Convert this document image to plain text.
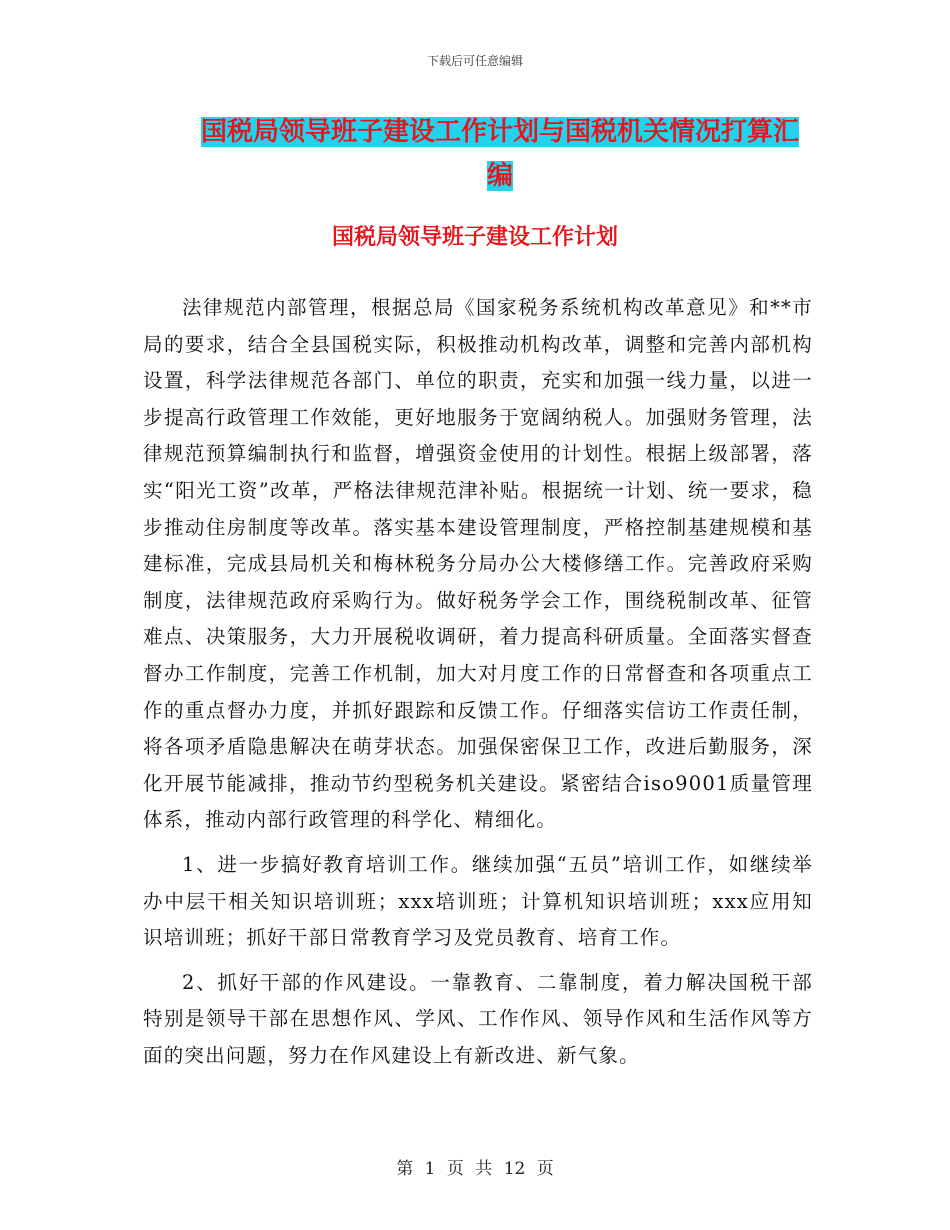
下载后可任意编辑
国税局领导班子建设工作计划与国税机关情况打算汇编
国税局领导班子建设工作计划

法律规范内部管理，根据总局《国家税务系统机构改革意见》和**市局的要求，结合全县国税实际，积极推动机构改革，调整和完善内部机构设置，科学法律规范各部门、单位的职责，充实和加强一线力量，以进一步提高行政管理工作效能，更好地服务于宽阔纳税人。加强财务管理，法律规范预算编制执行和监督，增强资金使用的计划性。根据上级部署，落实“阳光工资”改革，严格法律规范津补贴。根据统一计划、统一要求，稳步推动住房制度等改革。落实基本建设管理制度，严格控制基建规模和基建标准，完成县局机关和梅林税务分局办公大楼修缮工作。完善政府采购制度，法律规范政府采购行为。做好税务学会工作，围绕税制改革、征管难点、决策服务，大力开展税收调研，着力提高科研质量。全面落实督查督办工作制度，完善工作机制，加大对月度工作的日常督查和各项重点工作的重点督办力度，并抓好跟踪和反馈工作。仔细落实信访工作责任制，将各项矛盾隐患解决在萌芽状态。加强保密保卫工作，改进后勤服务，深化开展节能减排，推动节约型税务机关建设。紧密结合iso9001质量管理体系，推动内部行政管理的科学化、精细化。

1、进一步搞好教育培训工作。继续加强“五员”培训工作，如继续举办中层干相关知识培训班；xxx培训班；计算机知识培训班；xxx应用知识培训班；抓好干部日常教育学习及党员教育、培育工作。

2、抓好干部的作风建设。一靠教育、二靠制度，着力解决国税干部特别是领导干部在思想作风、学风、工作作风、领导作风和生活作风等方面的突出问题，努力在作风建设上有新改进、新气象。

第 1 页 共 12 页
